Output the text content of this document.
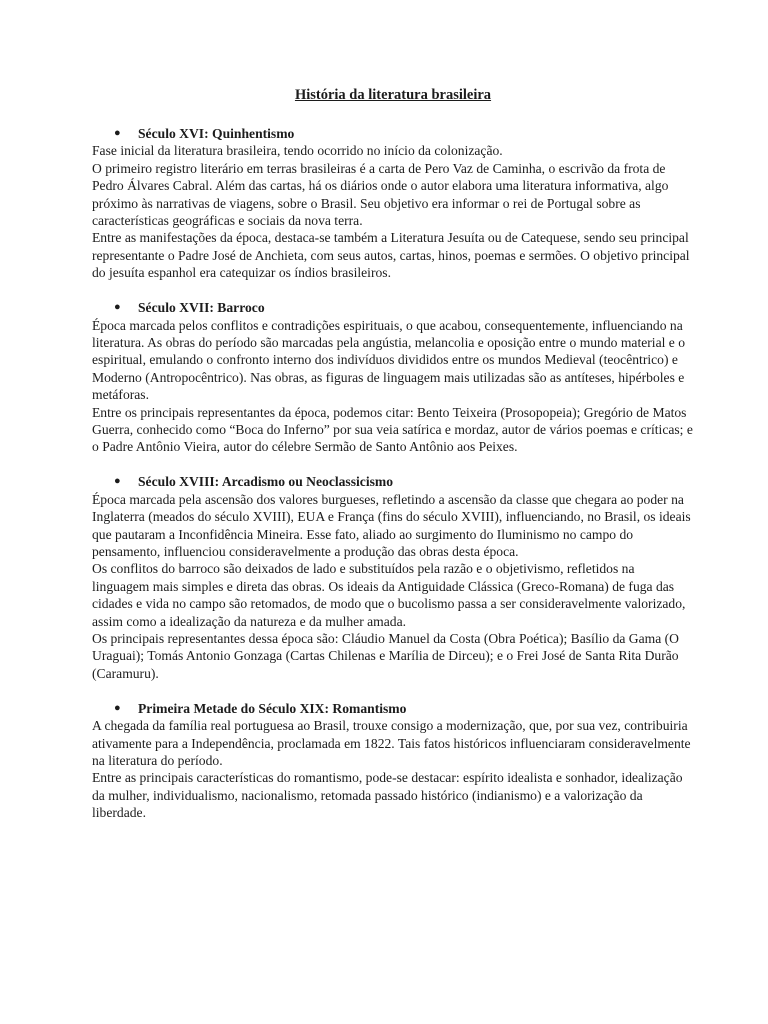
História da literatura brasileira
●	Século XVI: Quinhentismo

Fase inicial da literatura brasileira, tendo ocorrido no início da colonização.

O primeiro registro literário em terras brasileiras é a carta de Pero Vaz de Caminha, o escrivão da frota de Pedro Álvares Cabral. Além das cartas, há os diários onde o autor elabora uma literatura informativa, algo próximo às narrativas de viagens, sobre o Brasil. Seu objetivo era informar o rei de Portugal sobre as características geográficas e sociais da nova terra.

Entre as manifestações da época, destaca-se também a Literatura Jesuíta ou de Catequese, sendo seu principal representante o Padre José de Anchieta, com seus autos, cartas, hinos, poemas e sermões. O objetivo principal do jesuíta espanhol era catequizar os índios brasileiros.

●	Século XVII: Barroco

Época marcada pelos conflitos e contradições espirituais, o que acabou, consequentemente, influenciando na literatura. As obras do período são marcadas pela angústia, melancolia e oposição entre o mundo material e o espiritual, emulando o confronto interno dos indivíduos divididos entre os mundos Medieval (teocêntrico) e Moderno (Antropocêntrico). Nas obras, as figuras de linguagem mais utilizadas são as antíteses, hipérboles e metáforas.

Entre os principais representantes da época, podemos citar: Bento Teixeira (Prosopopeia); Gregório de Matos Guerra, conhecido como “Boca do Inferno” por sua veia satírica e mordaz, autor de vários poemas e críticas; e o Padre Antônio Vieira, autor do célebre Sermão de Santo Antônio aos Peixes.

●	Século XVIII: Arcadismo ou Neoclassicismo

Época marcada pela ascensão dos valores burgueses, refletindo a ascensão da classe que chegara ao poder na Inglaterra (meados do século XVIII), EUA e França (fins do século XVIII), influenciando, no Brasil, os ideais que pautaram a Inconfidência Mineira. Esse fato, aliado ao surgimento do Iluminismo no campo do pensamento, influenciou consideravelmente a produção das obras desta época.

Os conflitos do barroco são deixados de lado e substituídos pela razão e o objetivismo, refletidos na linguagem mais simples e direta das obras. Os ideais da Antiguidade Clássica (Greco-Romana) de fuga das cidades e vida no campo são retomados, de modo que o bucolismo passa a ser consideravelmente valorizado, assim como a idealização da natureza e da mulher amada.

Os principais representantes dessa época são: Cláudio Manuel da Costa (Obra Poética); Basílio da Gama (O Uraguai); Tomás Antonio Gonzaga (Cartas Chilenas e Marília de Dirceu); e o Frei José de Santa Rita Durão (Caramuru).

●	Primeira Metade do Século XIX: Romantismo

A chegada da família real portuguesa ao Brasil, trouxe consigo a modernização, que, por sua vez, contribuiria ativamente para a Independência, proclamada em 1822. Tais fatos históricos influenciaram consideravelmente na literatura do período.

Entre as principais características do romantismo, pode-se destacar: espírito idealista e sonhador, idealização da mulher, individualismo, nacionalismo, retomada passado histórico (indianismo) e a valorização da liberdade.
